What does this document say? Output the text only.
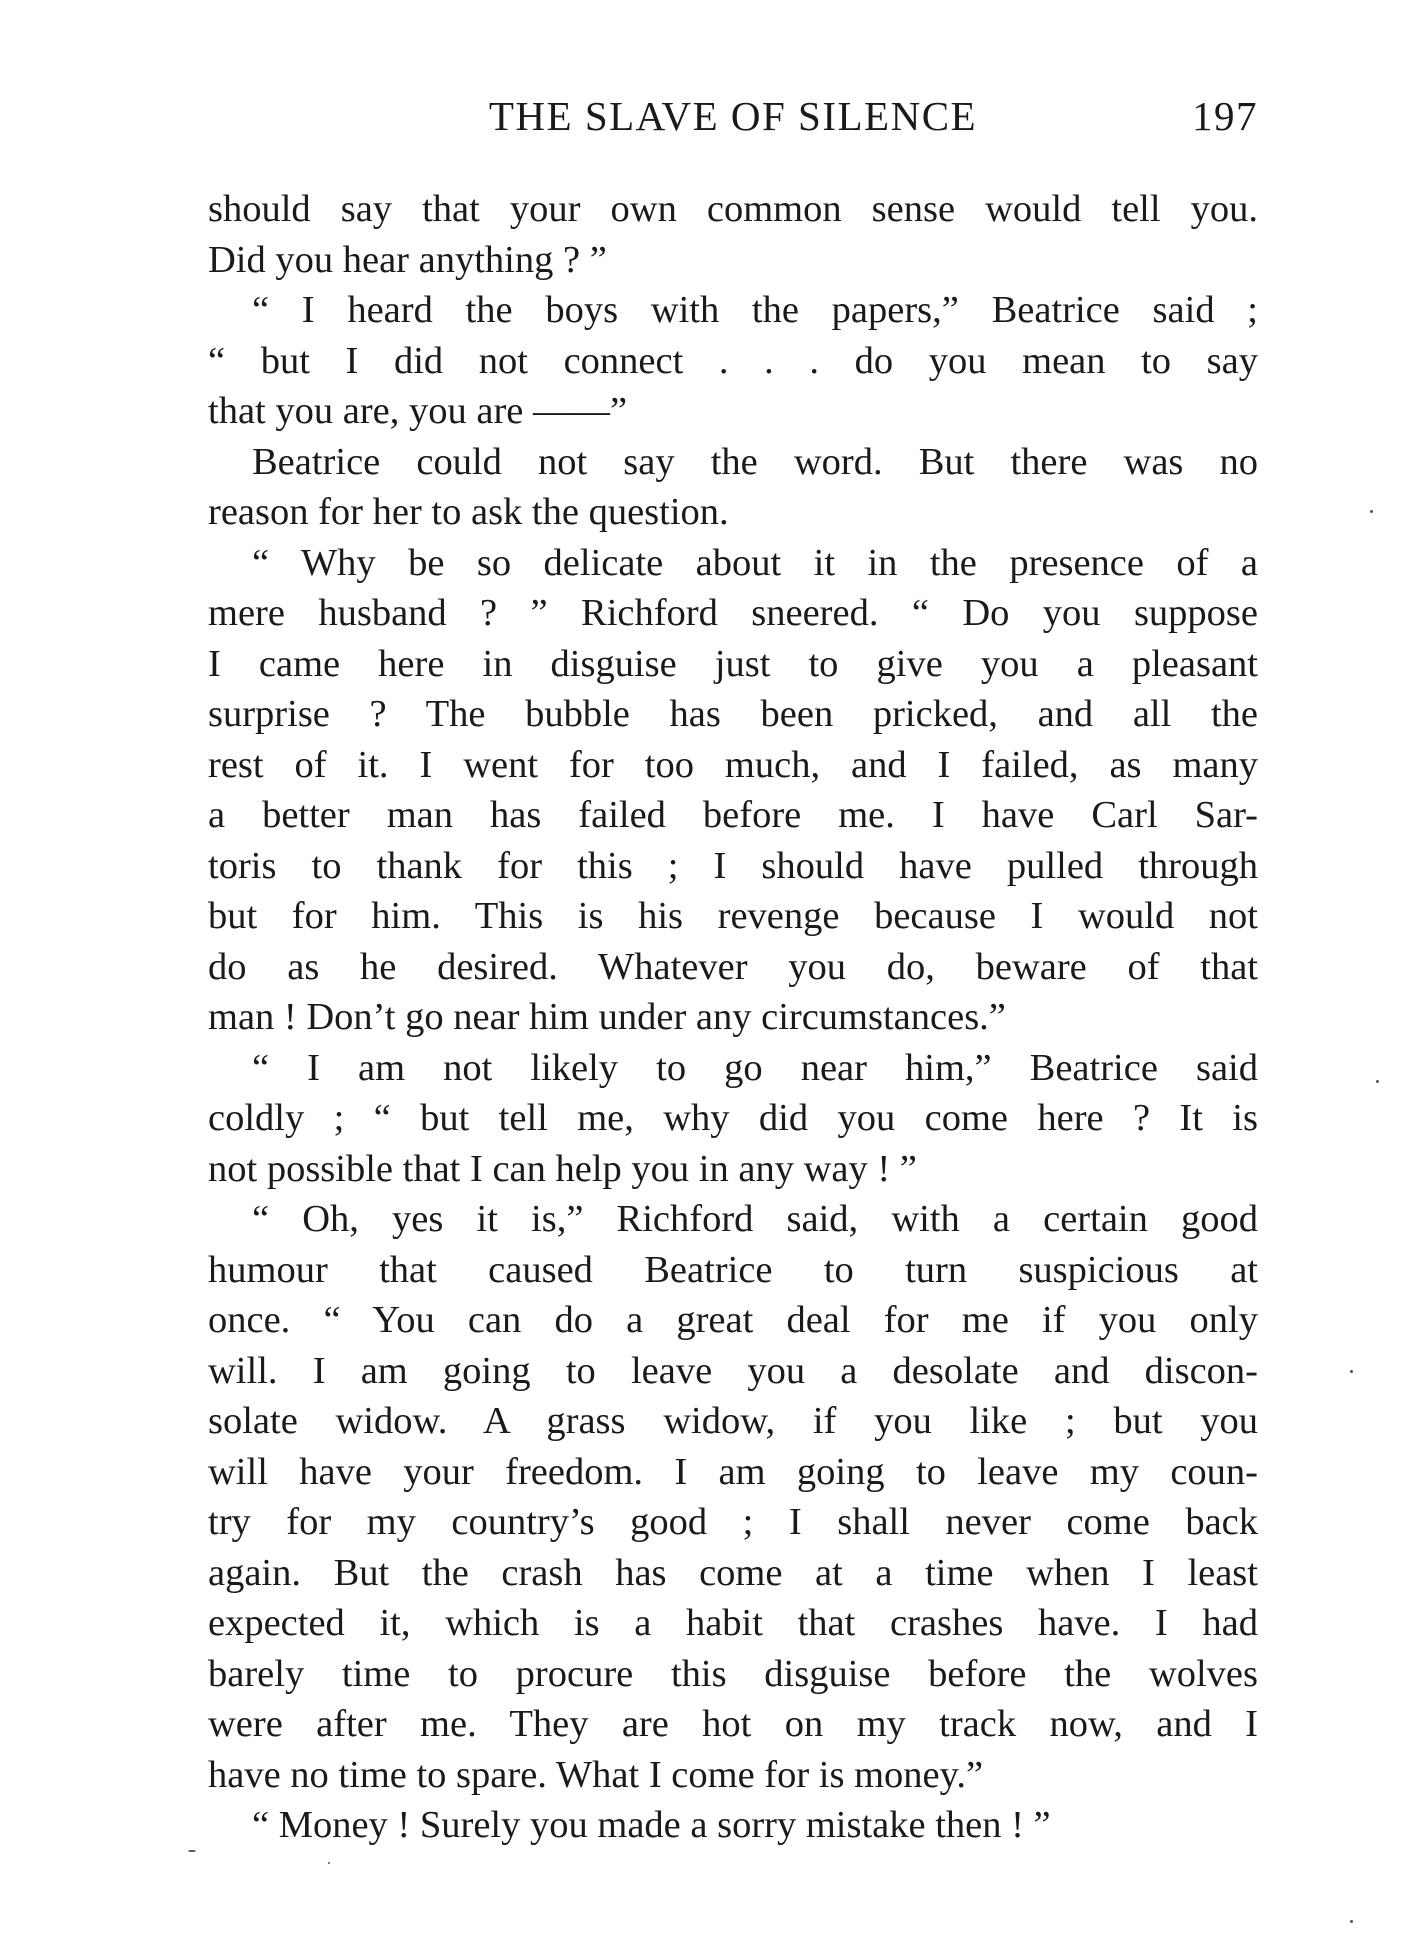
THE SLAVE OF SILENCE	197
should say that your own common sense would tell you.
Did you hear anything ? ”
“ I heard the boys with the papers,” Beatrice said ;
“ but I did not connect . . . do you mean to say
that you are, you are ——”
Beatrice could not say the word. But there was no
reason for her to ask the question.
“ Why be so delicate about it in the presence of a
mere husband ? ” Richford sneered. “ Do you suppose
I came here in disguise just to give you a pleasant
surprise ? The bubble has been pricked, and all the
rest of it. I went for too much, and I failed, as many
a better man has failed before me. I have Carl Sar-
toris to thank for this ; I should have pulled through
but for him. This is his revenge because I would not
do as he desired. Whatever you do, beware of that
man ! Don’t go near him under any circumstances.”
“ I am not likely to go near him,” Beatrice said
coldly ; “ but tell me, why did you come here ? It is
not possible that I can help you in any way ! ”
“ Oh, yes it is,” Richford said, with a certain good
humour that caused Beatrice to turn suspicious at
once. “ You can do a great deal for me if you only
will. I am going to leave you a desolate and discon-
solate widow. A grass widow, if you like ; but you
will have your freedom. I am going to leave my coun-
try for my country’s good ; I shall never come back
again. But the crash has come at a time when I least
expected it, which is a habit that crashes have. I had
barely time to procure this disguise before the wolves
were after me. They are hot on my track now, and I
have no time to spare. What I come for is money.”
“ Money ! Surely you made a sorry mistake then ! ”
